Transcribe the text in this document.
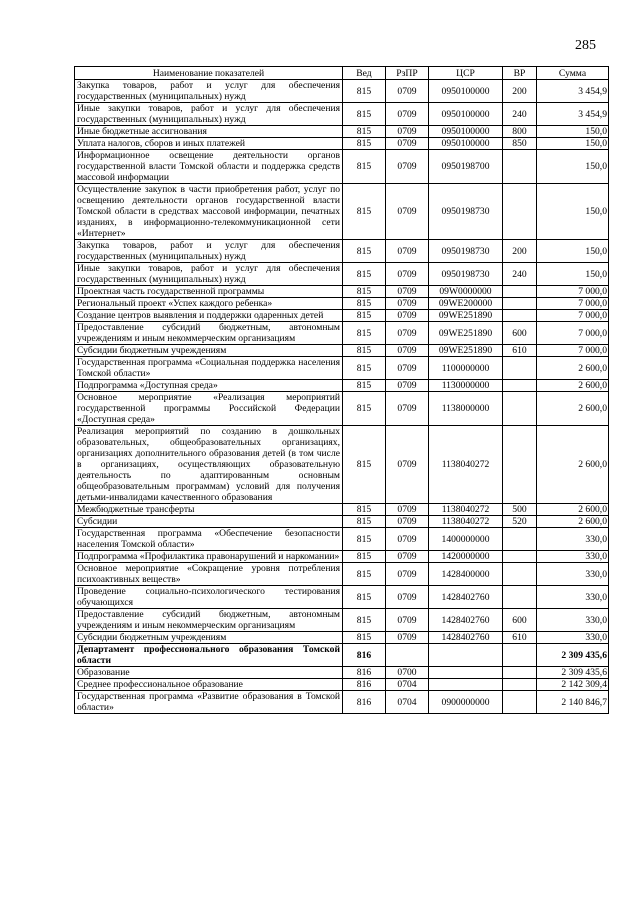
285
Наименование показателей	Вед	РзПР	ЦСР	ВР	Сумма
Закупка товаров, работ и услуг для обеспечения государственных (муниципальных) нужд	815	0709	0950100000	200	3 454,9
Иные закупки товаров, работ и услуг для обеспечения государственных (муниципальных) нужд	815	0709	0950100000	240	3 454,9
Иные бюджетные ассигнования	815	0709	0950100000	800	150,0
Уплата налогов, сборов и иных платежей	815	0709	0950100000	850	150,0
Информационное освещение деятельности органов государственной власти Томской области и поддержка средств массовой информации	815	0709	0950198700		150,0
Осуществление закупок в части приобретения работ, услуг по освещению деятельности органов государственной власти Томской области в средствах массовой информации, печатных изданиях, в информационно-телекоммуникационной сети «Интернет»	815	0709	0950198730		150,0
Закупка товаров, работ и услуг для обеспечения государственных (муниципальных) нужд	815	0709	0950198730	200	150,0
Иные закупки товаров, работ и услуг для обеспечения государственных (муниципальных) нужд	815	0709	0950198730	240	150,0
Проектная часть государственной программы	815	0709	09W0000000		7 000,0
Региональный проект «Успех каждого ребенка»	815	0709	09WE200000		7 000,0
Создание центров выявления и поддержки одаренных детей	815	0709	09WE251890		7 000,0
Предоставление субсидий бюджетным, автономным учреждениям и иным некоммерческим организациям	815	0709	09WE251890	600	7 000,0
Субсидии бюджетным учреждениям	815	0709	09WE251890	610	7 000,0
Государственная программа «Социальная поддержка населения Томской области»	815	0709	1100000000		2 600,0
Подпрограмма «Доступная среда»	815	0709	1130000000		2 600,0
Основное мероприятие «Реализация мероприятий государственной программы Российской Федерации «Доступная среда»	815	0709	1138000000		2 600,0
Реализация мероприятий по созданию в дошкольных образовательных, общеобразовательных организациях, организациях дополнительного образования детей (в том числе в организациях, осуществляющих образовательную деятельность по адаптированным основным общеобразовательным программам) условий для получения детьми-инвалидами качественного образования	815	0709	1138040272		2 600,0
Межбюджетные трансферты	815	0709	1138040272	500	2 600,0
Субсидии	815	0709	1138040272	520	2 600,0
Государственная программа «Обеспечение безопасности населения Томской области»	815	0709	1400000000		330,0
Подпрограмма «Профилактика правонарушений и наркомании»	815	0709	1420000000		330,0
Основное мероприятие «Сокращение уровня потребления психоактивных веществ»	815	0709	1428400000		330,0
Проведение социально-психологического тестирования обучающихся	815	0709	1428402760		330,0
Предоставление субсидий бюджетным, автономным учреждениям и иным некоммерческим организациям	815	0709	1428402760	600	330,0
Субсидии бюджетным учреждениям	815	0709	1428402760	610	330,0
Департамент профессионального образования Томской области	816				2 309 435,6
Образование	816	0700			2 309 435,6
Среднее профессиональное образование	816	0704			2 142 309,4
Государственная программа «Развитие образования в Томской области»	816	0704	0900000000		2 140 846,7
